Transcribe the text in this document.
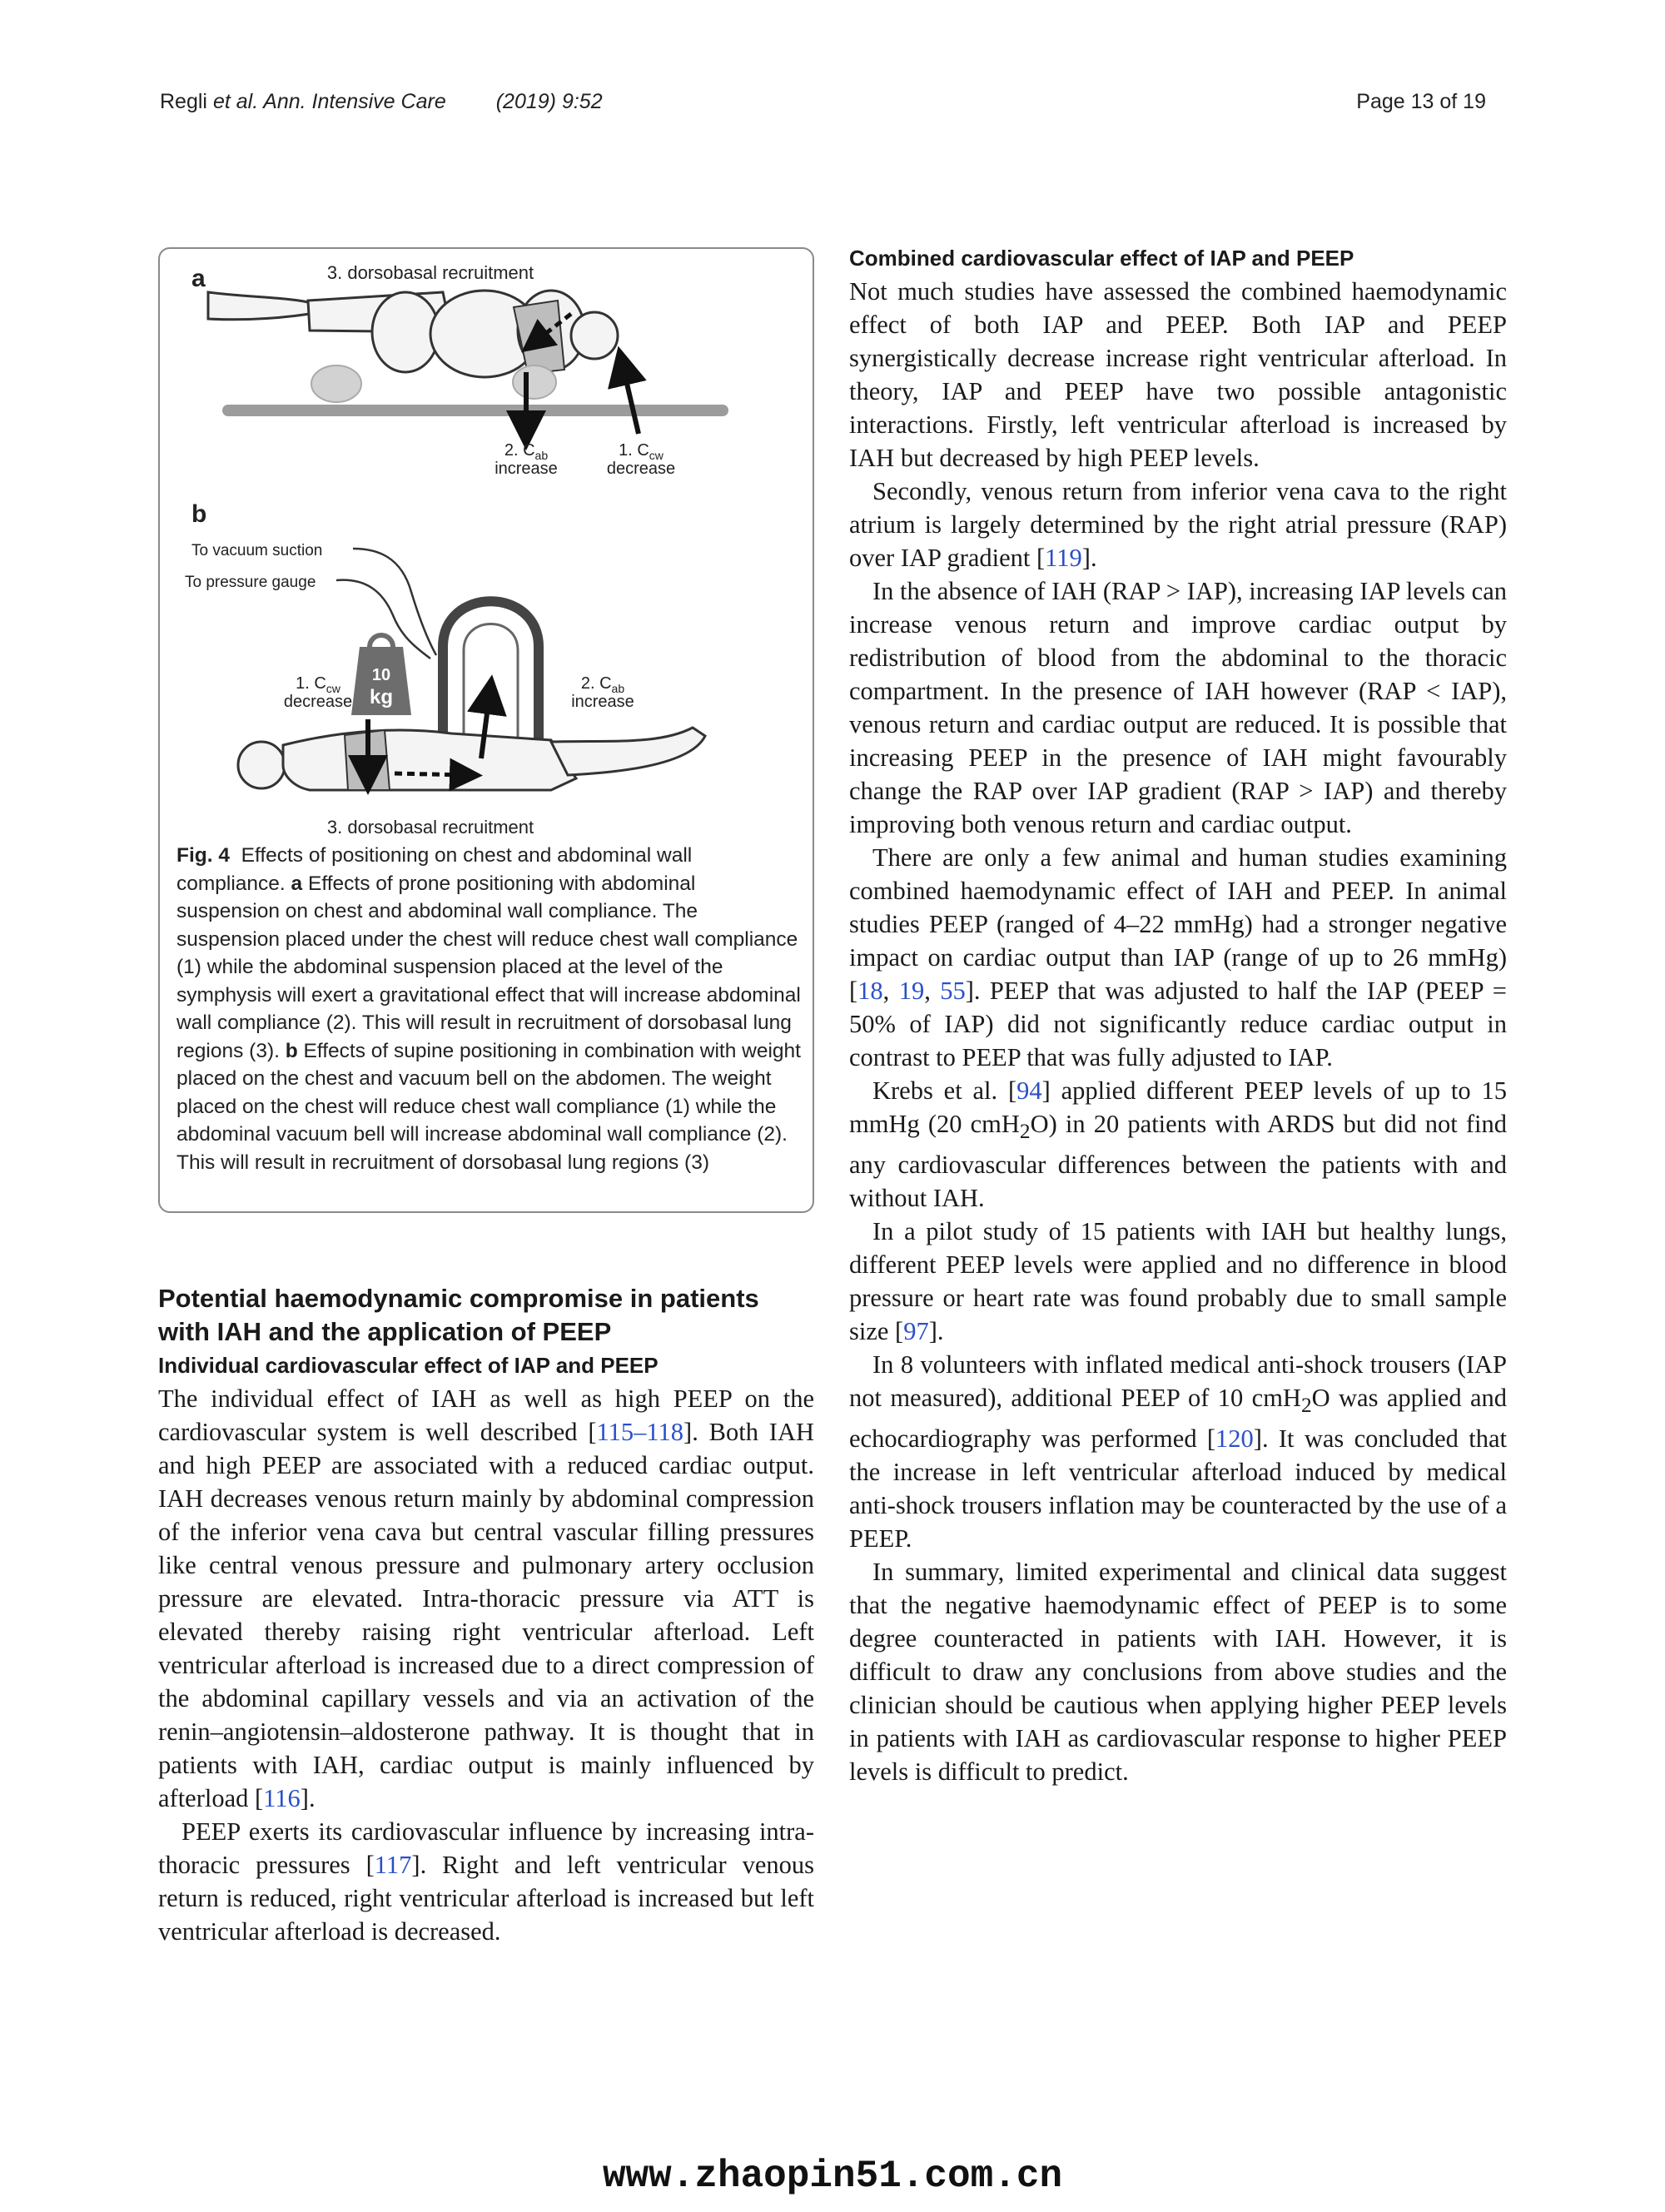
Regli et al. Ann. Intensive Care (2019) 9:52	Page 13 of 19
a	3. dorsobasal recruitment
2. $C_{ab}$
increase
1. $C_{cw}$
decrease
b
To vacuum suction
To pressure gauge
10
kg
1. $C_{cw}$
decrease
2. $C_{ab}$
increase
3. dorsobasal recruitment
Fig. 4 Effects of positioning on chest and abdominal wall compliance. a Effects of prone positioning with abdominal suspension on chest and abdominal wall compliance. The suspension placed under the chest will reduce chest wall compliance (1) while the abdominal suspension placed at the level of the symphysis will exert a gravitational effect that will increase abdominal wall compliance (2). This will result in recruitment of dorsobasal lung regions (3). b Effects of supine positioning in combination with weight placed on the chest and vacuum bell on the abdomen. The weight placed on the chest will reduce chest wall compliance (1) while the abdominal vacuum bell will increase abdominal wall compliance (2). This will result in recruitment of dorsobasal lung regions (3)
Potential haemodynamic compromise in patients with IAH and the application of PEEP
Individual cardiovascular effect of IAP and PEEP

The individual effect of IAH as well as high PEEP on the cardiovascular system is well described [115–118]. Both IAH and high PEEP are associated with a reduced cardiac output. IAH decreases venous return mainly by abdominal compression of the inferior vena cava but central vascular filling pressures like central venous pressure and pulmonary artery occlusion pressure are elevated. Intra-thoracic pressure via ATT is elevated thereby raising right ventricular afterload. Left ventricular afterload is increased due to a direct compression of the abdominal capillary vessels and via an activation of the renin–angiotensin–aldosterone pathway. It is thought that in patients with IAH, cardiac output is mainly influenced by afterload [116].

PEEP exerts its cardiovascular influence by increasing intra-thoracic pressures [117]. Right and left ventricular venous return is reduced, right ventricular afterload is increased but left ventricular afterload is decreased.

Combined cardiovascular effect of IAP and PEEP

Not much studies have assessed the combined haemodynamic effect of both IAP and PEEP. Both IAP and PEEP synergistically decrease increase right ventricular afterload. In theory, IAP and PEEP have two possible antagonistic interactions. Firstly, left ventricular afterload is increased by IAH but decreased by high PEEP levels.

Secondly, venous return from inferior vena cava to the right atrium is largely determined by the right atrial pressure (RAP) over IAP gradient [119].

In the absence of IAH (RAP > IAP), increasing IAP levels can increase venous return and improve cardiac output by redistribution of blood from the abdominal to the thoracic compartment. In the presence of IAH however (RAP < IAP), venous return and cardiac output are reduced. It is possible that increasing PEEP in the presence of IAH might favourably change the RAP over IAP gradient (RAP > IAP) and thereby improving both venous return and cardiac output.

There are only a few animal and human studies examining combined haemodynamic effect of IAH and PEEP. In animal studies PEEP (ranged of 4–22 mmHg) had a stronger negative impact on cardiac output than IAP (range of up to 26 mmHg) [18, 19, 55]. PEEP that was adjusted to half the IAP (PEEP = 50% of IAP) did not significantly reduce cardiac output in contrast to PEEP that was fully adjusted to IAP.

Krebs et al. [94] applied different PEEP levels of up to 15 mmHg (20 cmH$_2$O) in 20 patients with ARDS but did not find any cardiovascular differences between the patients with and without IAH.

In a pilot study of 15 patients with IAH but healthy lungs, different PEEP levels were applied and no difference in blood pressure or heart rate was found probably due to small sample size [97].

In 8 volunteers with inflated medical anti-shock trousers (IAP not measured), additional PEEP of 10 cmH$_2$O was applied and echocardiography was performed [120]. It was concluded that the increase in left ventricular afterload induced by medical anti-shock trousers inflation may be counteracted by the use of a PEEP.

In summary, limited experimental and clinical data suggest that the negative haemodynamic effect of PEEP is to some degree counteracted in patients with IAH. However, it is difficult to draw any conclusions from above studies and the clinician should be cautious when applying higher PEEP levels in patients with IAH as cardiovascular response to higher PEEP levels is difficult to predict.

www.zhaopin51.com.cn
